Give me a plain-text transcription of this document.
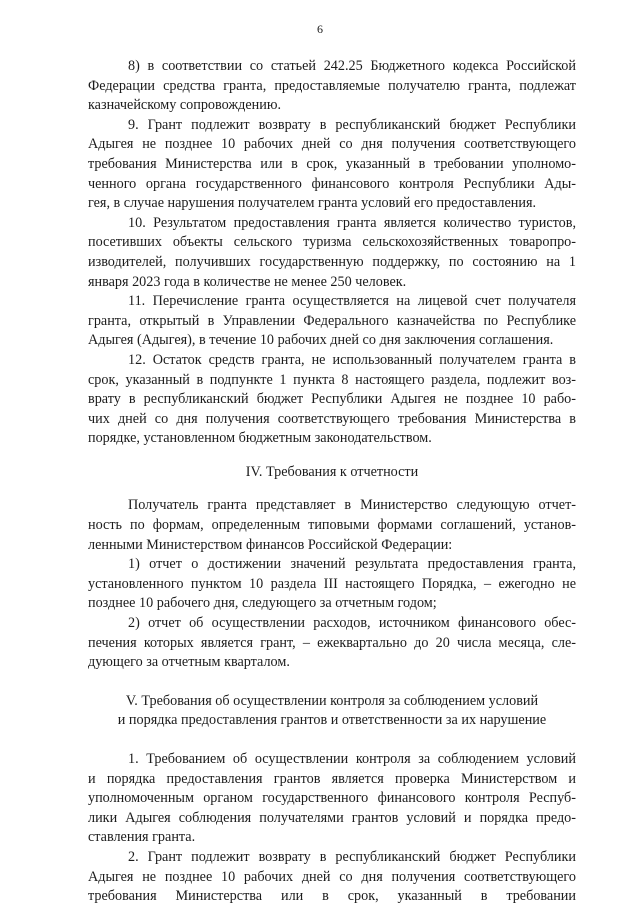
6
8) в соответствии со статьей 242.25 Бюджетного кодекса Российской
Федерации средства гранта, предоставляемые получателю гранта, подлежат
казначейскому сопровождению.
9. Грант подлежит возврату в республиканский бюджет Республики
Адыгея не позднее 10 рабочих дней со дня получения соответствующего
требования Министерства или в срок, указанный в требовании уполномо-
ченного органа государственного финансового контроля Республики Ады-
гея, в случае нарушения получателем гранта условий его предоставления.
10. Результатом предоставления гранта является количество туристов,
посетивших объекты сельского туризма сельскохозяйственных товаропро-
изводителей, получивших государственную поддержку, по состоянию на 1
января 2023 года в количестве не менее 250 человек.
11. Перечисление гранта осуществляется на лицевой счет получателя
гранта, открытый в Управлении Федерального казначейства по Республике
Адыгея (Адыгея), в течение 10 рабочих дней со дня заключения соглашения.
12. Остаток средств гранта, не использованный получателем гранта в
срок, указанный в подпункте 1 пункта 8 настоящего раздела, подлежит воз-
врату в республиканский бюджет Республики Адыгея не позднее 10 рабо-
чих дней со дня получения соответствующего требования Министерства в
порядке, установленном бюджетным законодательством.
IV. Требования к отчетности
Получатель гранта представляет в Министерство следующую отчет-
ность по формам, определенным типовыми формами соглашений, установ-
ленными Министерством финансов Российской Федерации:
1) отчет о достижении значений результата предоставления гранта,
установленного пунктом 10 раздела III настоящего Порядка, – ежегодно не
позднее 10 рабочего дня, следующего за отчетным годом;
2) отчет об осуществлении расходов, источником финансового обес-
печения которых является грант, – ежеквартально до 20 числа месяца, сле-
дующего за отчетным кварталом.
V. Требования об осуществлении контроля за соблюдением условий
и порядка предоставления грантов и ответственности за их нарушение
1. Требованием об осуществлении контроля за соблюдением условий
и порядка предоставления грантов является проверка Министерством и
уполномоченным органом государственного финансового контроля Респуб-
лики Адыгея соблюдения получателями грантов условий и порядка предо-
ставления гранта.
2. Грант подлежит возврату в республиканский бюджет Республики
Адыгея не позднее 10 рабочих дней со дня получения соответствующего
требования Министерства или в срок, указанный в требовании
